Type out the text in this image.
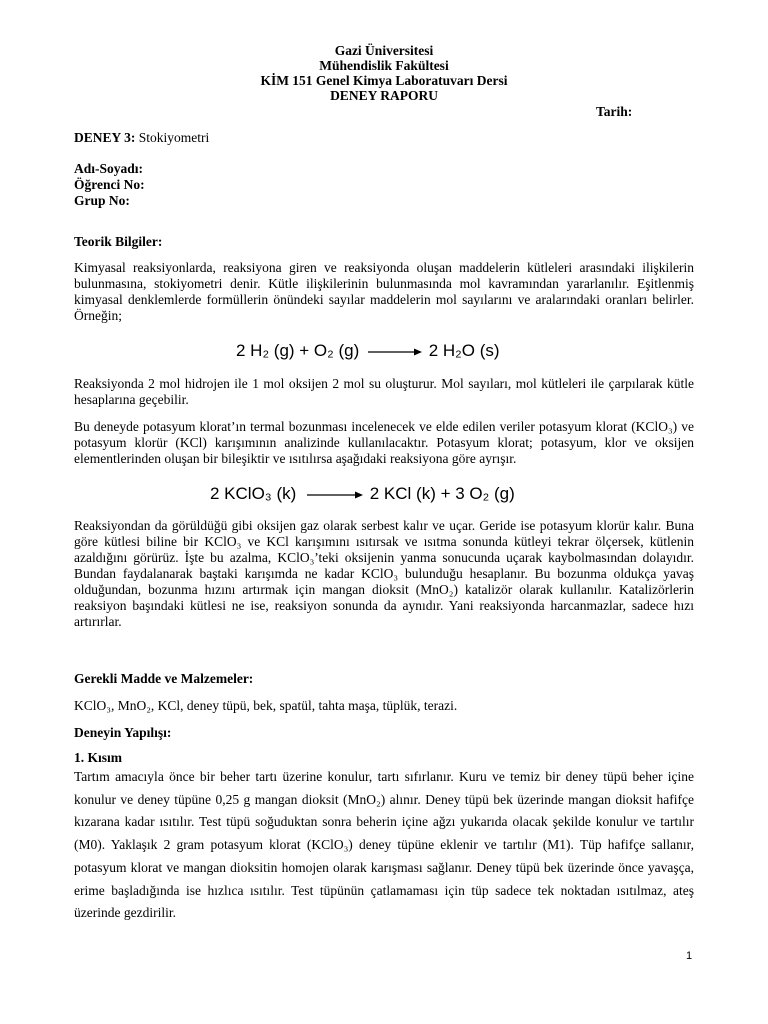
Gazi Üniversitesi
Mühendislik Fakültesi
KİM 151 Genel Kimya Laboratuvarı Dersi
DENEY RAPORU
Tarih:
DENEY 3: Stokiyometri
Adı-Soyadı:
Öğrenci No:
Grup No:
Teorik Bilgiler:
Kimyasal reaksiyonlarda, reaksiyona giren ve reaksiyonda oluşan maddelerin kütleleri arasındaki ilişkilerin bulunmasına, stokiyometri denir. Kütle ilişkilerinin bulunmasında mol kavramından yararlanılır. Eşitlenmiş kimyasal denklemlerde formüllerin önündeki sayılar maddelerin mol sayılarını ve aralarındaki oranları belirler. Örneğin;
2 H₂ (g) + O₂ (g) → 2 H₂O (s)
Reaksiyonda 2 mol hidrojen ile 1 mol oksijen 2 mol su oluşturur. Mol sayıları, mol kütleleri ile çarpılarak kütle hesaplarına geçebilir.
Bu deneyde potasyum klorat’ın termal bozunması incelenecek ve elde edilen veriler potasyum klorat (KClO₃) ve potasyum klorür (KCl) karışımının analizinde kullanılacaktır. Potasyum klorat; potasyum, klor ve oksijen elementlerinden oluşan bir bileşiktir ve ısıtılırsa aşağıdaki reaksiyona göre ayrışır.
2 KClO₃ (k) → 2 KCl (k) + 3 O₂ (g)
Reaksiyondan da görüldüğü gibi oksijen gaz olarak serbest kalır ve uçar. Geride ise potasyum klorür kalır. Buna göre kütlesi biline bir KClO₃ ve KCl karışımını ısıtırsak ve ısıtma sonunda kütleyi tekrar ölçersek, kütlenin azaldığını görürüz. İşte bu azalma, KClO₃’teki oksijenin yanma sonucunda uçarak kaybolmasından dolayıdır. Bundan faydalanarak baştaki karışımda ne kadar KClO₃ bulunduğu hesaplanır. Bu bozunma oldukça yavaş olduğundan, bozunma hızını artırmak için mangan dioksit (MnO₂) katalizör olarak kullanılır. Katalizörlerin reaksiyon başındaki kütlesi ne ise, reaksiyon sonunda da aynıdır. Yani reaksiyonda harcanmazlar, sadece hızı artırırlar.
Gerekli Madde ve Malzemeler:
KClO₃, MnO₂, KCl, deney tüpü, bek, spatül, tahta maşa, tüplük, terazi.
Deneyin Yapılışı:
1. Kısım
Tartım amacıyla önce bir beher tartı üzerine konulur, tartı sıfırlanır. Kuru ve temiz bir deney tüpü beher içine konulur ve deney tüpüne 0,25 g mangan dioksit (MnO₂) alınır. Deney tüpü bek üzerinde mangan dioksit hafifçe kızarana kadar ısıtılır. Test tüpü soğuduktan sonra beherin içine ağzı yukarıda olacak şekilde konulur ve tartılır (M0). Yaklaşık 2 gram potasyum klorat (KClO₃) deney tüpüne eklenir ve tartılır (M1). Tüp hafifçe sallanır, potasyum klorat ve mangan dioksitin homojen olarak karışması sağlanır. Deney tüpü bek üzerinde önce yavaşça, erime başladığında ise hızlıca ısıtılır. Test tüpünün çatlamaması için tüp sadece tek noktadan ısıtılmaz, ateş üzerinde gezdirilir.
1
